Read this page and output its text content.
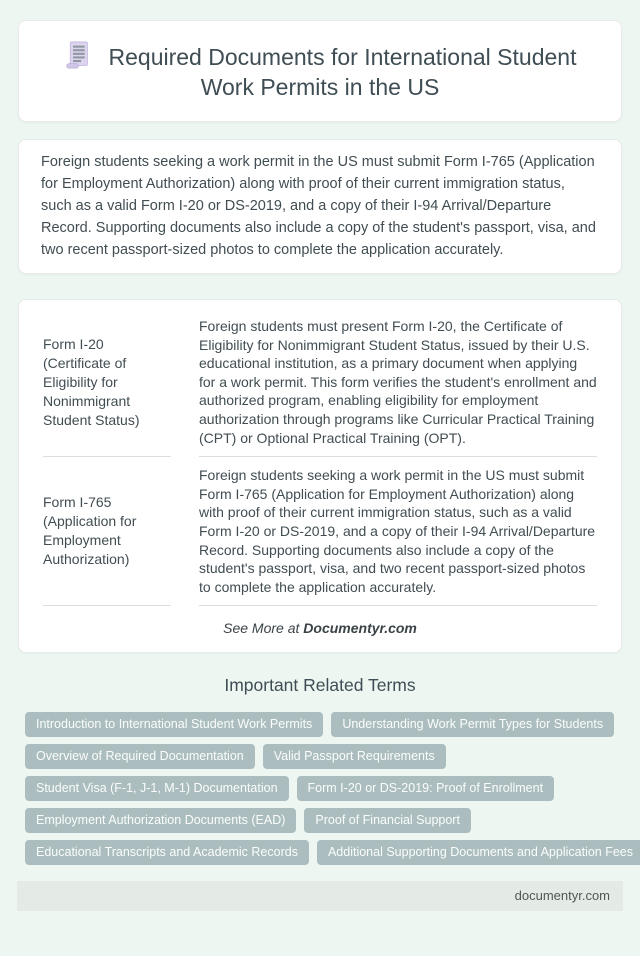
Required Documents for International Student
Work Permits in the US

Foreign students seeking a work permit in the US must submit Form I-765 (Application for Employment Authorization) along with proof of their current immigration status, such as a valid Form I-20 or DS-2019, and a copy of their I-94 Arrival/Departure Record. Supporting documents also include a copy of the student's passport, visa, and two recent passport-sized photos to complete the application accurately.

Form I-20 (Certificate of Eligibility for Nonimmigrant Student Status)
Foreign students must present Form I-20, the Certificate of Eligibility for Nonimmigrant Student Status, issued by their U.S. educational institution, as a primary document when applying for a work permit. This form verifies the student's enrollment and authorized program, enabling eligibility for employment authorization through programs like Curricular Practical Training (CPT) or Optional Practical Training (OPT).
Form I-765 (Application for Employment Authorization)
Foreign students seeking a work permit in the US must submit Form I-765 (Application for Employment Authorization) along with proof of their current immigration status, such as a valid Form I-20 or DS-2019, and a copy of their I-94 Arrival/Departure Record. Supporting documents also include a copy of the student's passport, visa, and two recent passport-sized photos to complete the application accurately.
See More at Documentyr.com
Important Related Terms
Introduction to International Student Work Permits	Understanding Work Permit Types for Students
Overview of Required Documentation	Valid Passport Requirements
Student Visa (F-1, J-1, M-1) Documentation	Form I-20 or DS-2019: Proof of Enrollment
Employment Authorization Documents (EAD)	Proof of Financial Support
Educational Transcripts and Academic Records	Additional Supporting Documents and Application Fees
documentyr.com
